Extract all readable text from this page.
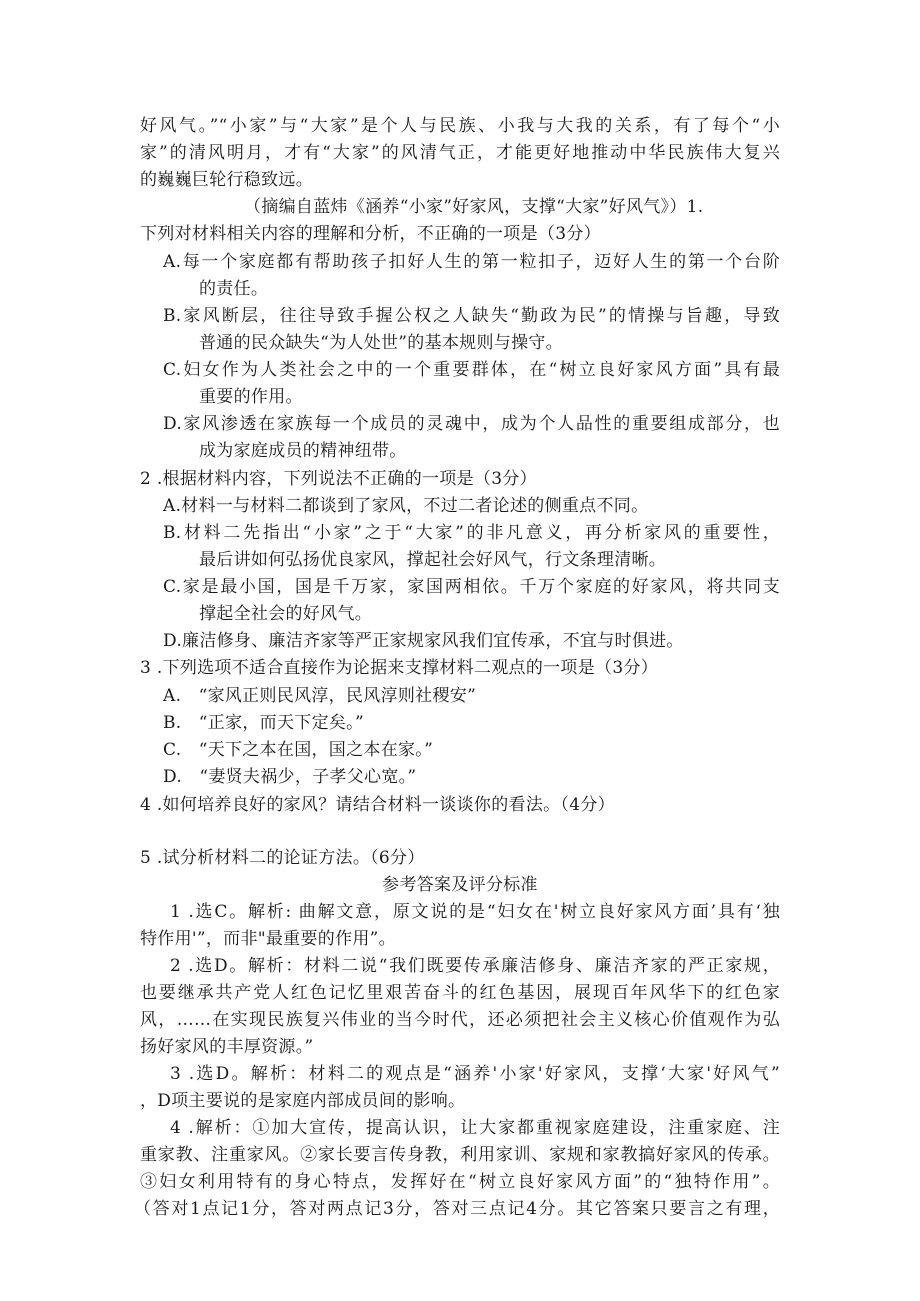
好风气。”“小家”与“大家”是个人与民族、小我与大我的关系，有了每个“小
家”的清风明月，才有“大家”的风清气正，才能更好地推动中华民族伟大复兴
的巍巍巨轮行稳致远。
（摘编自蓝炜《涵养“小家”好家风，支撑“大家”好风气》）1.
下列对材料相关内容的理解和分析，不正确的一项是（3分）
A.每一个家庭都有帮助孩子扣好人生的第一粒扣子，迈好人生的第一个台阶
的责任。
B.家风断层，往往导致手握公权之人缺失“勤政为民”的情操与旨趣，导致
普通的民众缺失“为人处世”的基本规则与操守。
C.妇女作为人类社会之中的一个重要群体，在“树立良好家风方面”具有最
重要的作用。
D.家风渗透在家族每一个成员的灵魂中，成为个人品性的重要组成部分，也
成为家庭成员的精神纽带。
2 .根据材料内容，下列说法不正确的一项是（3分）
A.材料一与材料二都谈到了家风，不过二者论述的侧重点不同。
B.材料二先指出“小家”之于“大家”的非凡意义，再分析家风的重要性，
最后讲如何弘扬优良家风，撑起社会好风气，行文条理清晰。
C.家是最小国，国是千万家，家国两相依。千万个家庭的好家风，将共同支
撑起全社会的好风气。
D.廉洁修身、廉洁齐家等严正家规家风我们宜传承，不宜与时俱进。
3 .下列选项不适合直接作为论据来支撑材料二观点的一项是（3分）
A.　“家风正则民风淳，民风淳则社稷安”
B.　“正家，而天下定矣。”
C.　“天下之本在国，国之本在家。”
D.　“妻贤夫祸少，子孝父心宽。”
4 .如何培养良好的家风？请结合材料一谈谈你的看法。（4分）
5 .试分析材料二的论证方法。（6分）
参考答案及评分标准
1 .选C。解析: 曲解文意，原文说的是“妇女在'树立良好家风方面’具有‘独
特作用'”，而非"最重要的作用”。
2 .选D。解析：材料二说“我们既要传承廉洁修身、廉洁齐家的严正家规，
也要继承共产党人红色记忆里艰苦奋斗的红色基因，展现百年风华下的红色家
风，……在实现民族复兴伟业的当今时代，还必须把社会主义核心价值观作为弘
扬好家风的丰厚资源。”
3 .选D。解析：材料二的观点是“涵养'小家'好家风，支撑‘大家'好风气”
，D项主要说的是家庭内部成员间的影响。
4 .解析：①加大宣传，提高认识，让大家都重视家庭建设，注重家庭、注
重家教、注重家风。②家长要言传身教，利用家训、家规和家教搞好家风的传承。
③妇女利用特有的身心特点，发挥好在“树立良好家风方面”的“独特作用”。
（答对1点记1分，答对两点记3分，答对三点记4分。其它答案只要言之有理，
